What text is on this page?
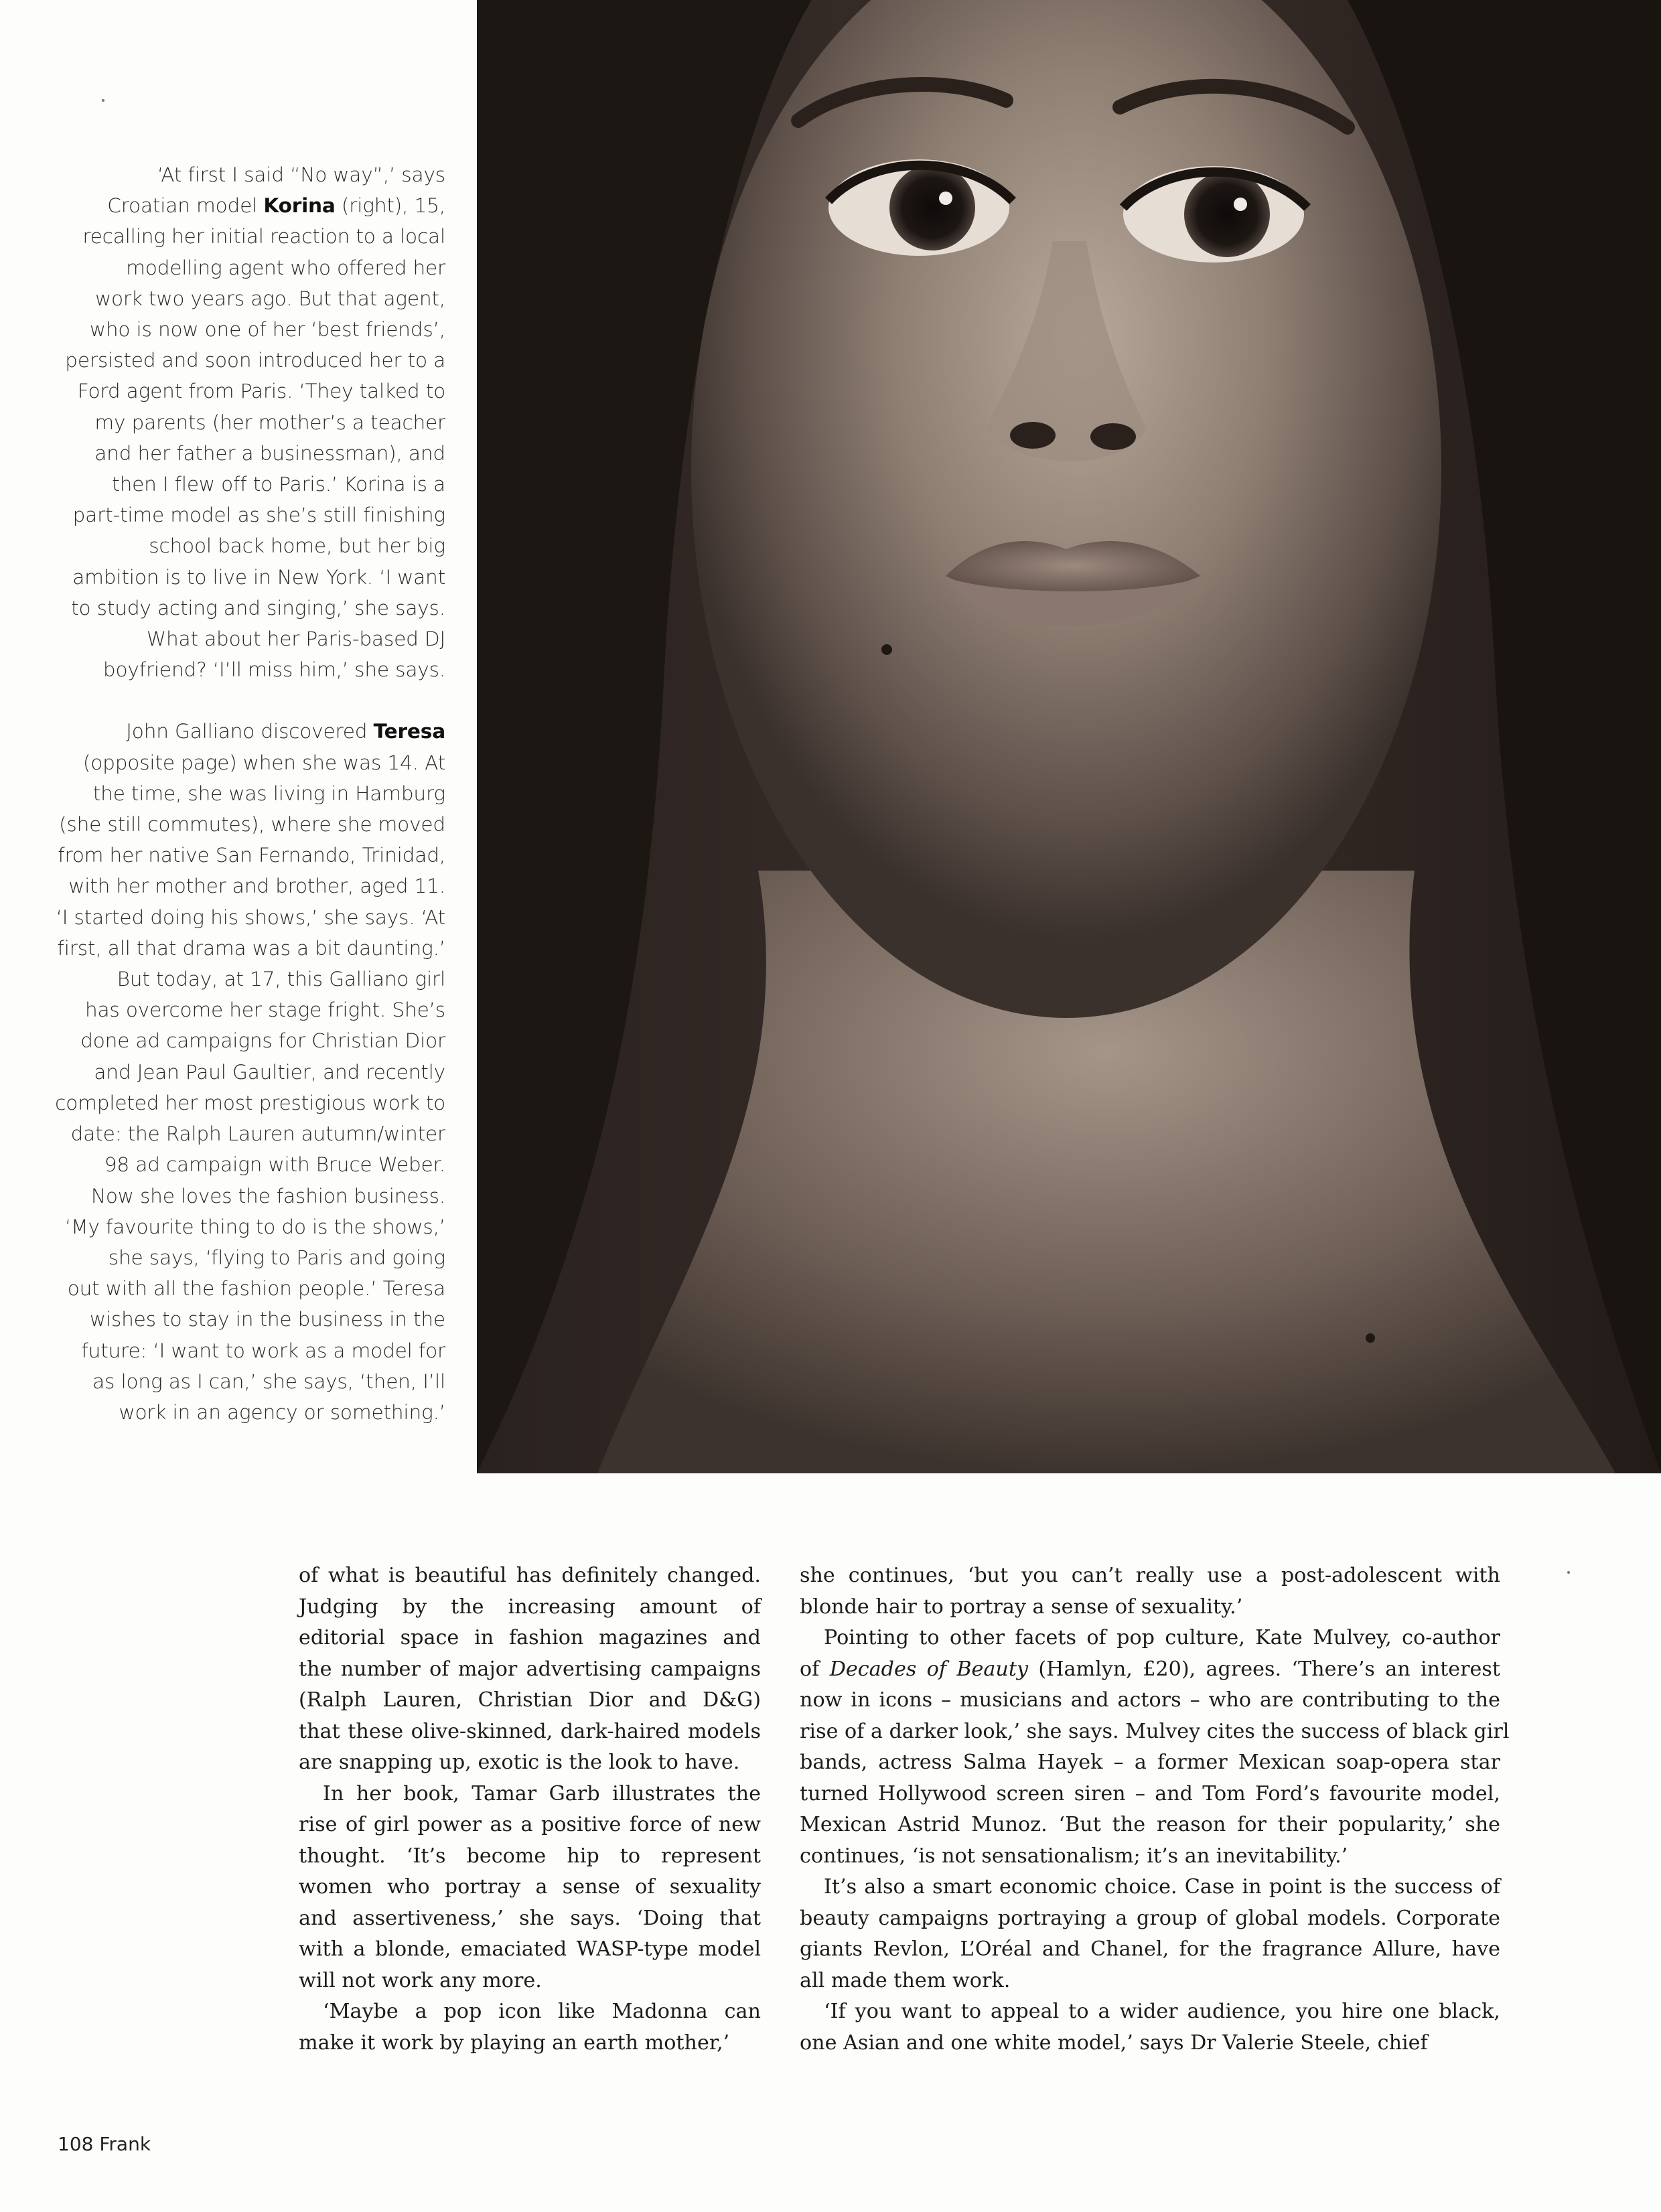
‘At first I said “No way”,’ says
Croatian model Korina (right), 15,
recalling her initial reaction to a local
modelling agent who offered her
work two years ago. But that agent,
who is now one of her ‘best friends’,
persisted and soon introduced her to a
Ford agent from Paris. ‘They talked to
my parents (her mother’s a teacher
and her father a businessman), and
then I flew off to Paris.’ Korina is a
part-time model as she’s still finishing
school back home, but her big
ambition is to live in New York. ‘I want
to study acting and singing,’ she says.
What about her Paris-based DJ
boyfriend? ‘I’ll miss him,’ she says.

John Galliano discovered Teresa
(opposite page) when she was 14. At
the time, she was living in Hamburg
(she still commutes), where she moved
from her native San Fernando, Trinidad,
with her mother and brother, aged 11.
‘I started doing his shows,’ she says. ‘At
first, all that drama was a bit daunting.’
But today, at 17, this Galliano girl
has overcome her stage fright. She’s
done ad campaigns for Christian Dior
and Jean Paul Gaultier, and recently
completed her most prestigious work to
date: the Ralph Lauren autumn/winter
98 ad campaign with Bruce Weber.
Now she loves the fashion business.
‘My favourite thing to do is the shows,’
she says, ‘flying to Paris and going
out with all the fashion people.’ Teresa
wishes to stay in the business in the
future: ‘I want to work as a model for
as long as I can,’ she says, ‘then, I’ll
work in an agency or something.’

of what is beautiful has definitely changed.
Judging by the increasing amount of
editorial space in fashion magazines and
the number of major advertising campaigns
(Ralph Lauren, Christian Dior and D&G)
that these olive-skinned, dark-haired models
are snapping up, exotic is the look to have.

In her book, Tamar Garb illustrates the
rise of girl power as a positive force of new
thought. ‘It’s become hip to represent
women who portray a sense of sexuality
and assertiveness,’ she says. ‘Doing that
with a blonde, emaciated WASP-type model
will not work any more.

‘Maybe a pop icon like Madonna can
make it work by playing an earth mother,’

she continues, ‘but you can’t really use a post-adolescent with
blonde hair to portray a sense of sexuality.’

Pointing to other facets of pop culture, Kate Mulvey, co-author
of Decades of Beauty (Hamlyn, £20), agrees. ‘There’s an interest
now in icons – musicians and actors – who are contributing to the
rise of a darker look,’ she says. Mulvey cites the success of black girl
bands, actress Salma Hayek – a former Mexican soap-opera star
turned Hollywood screen siren – and Tom Ford’s favourite model,
Mexican Astrid Munoz. ‘But the reason for their popularity,’ she
continues, ‘is not sensationalism; it’s an inevitability.’

It’s also a smart economic choice. Case in point is the success of
beauty campaigns portraying a group of global models. Corporate
giants Revlon, L’Oréal and Chanel, for the fragrance Allure, have
all made them work.

‘If you want to appeal to a wider audience, you hire one black,
one Asian and one white model,’ says Dr Valerie Steele, chief

108 Frank
